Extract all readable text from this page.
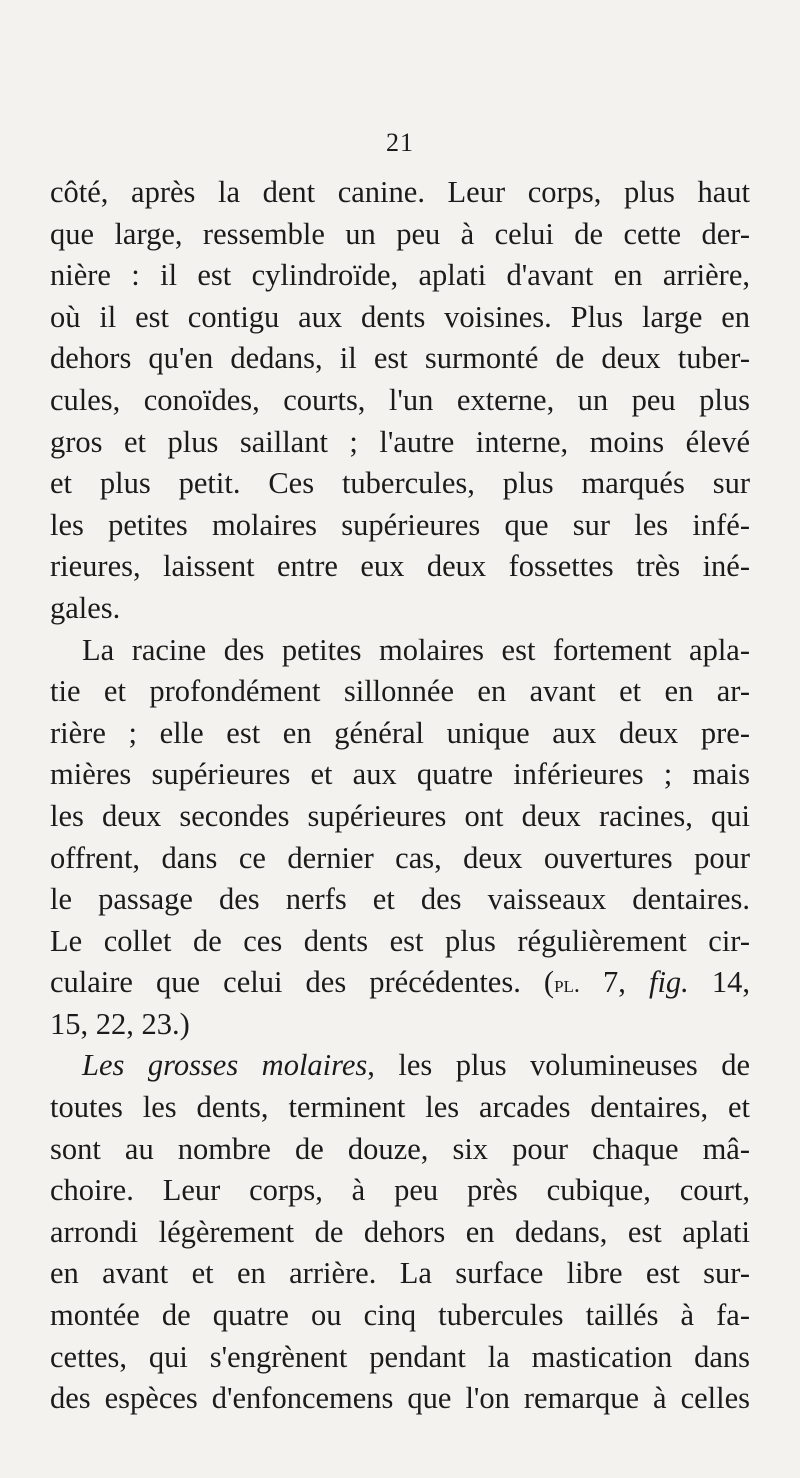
21
côté, après la dent canine. Leur corps, plus haut
que large, ressemble un peu à celui de cette der-
nière : il est cylindroïde, aplati d'avant en arrière,
où il est contigu aux dents voisines. Plus large en
dehors qu'en dedans, il est surmonté de deux tuber-
cules, conoïdes, courts, l'un externe, un peu plus
gros et plus saillant ; l'autre interne, moins élevé
et plus petit. Ces tubercules, plus marqués sur
les petites molaires supérieures que sur les infé-
rieures, laissent entre eux deux fossettes très iné-
gales.
La racine des petites molaires est fortement apla-
tie et profondément sillonnée en avant et en ar-
rière ; elle est en général unique aux deux pre-
mières supérieures et aux quatre inférieures ; mais
les deux secondes supérieures ont deux racines, qui
offrent, dans ce dernier cas, deux ouvertures pour
le passage des nerfs et des vaisseaux dentaires.
Le collet de ces dents est plus régulièrement cir-
culaire que celui des précédentes. (pl. 7, fig. 14,
15, 22, 23.)
Les grosses molaires, les plus volumineuses de
toutes les dents, terminent les arcades dentaires, et
sont au nombre de douze, six pour chaque mâ-
choire. Leur corps, à peu près cubique, court,
arrondi légèrement de dehors en dedans, est aplati
en avant et en arrière. La surface libre est sur-
montée de quatre ou cinq tubercules taillés à fa-
cettes, qui s'engrènent pendant la mastication dans
des espèces d'enfoncemens que l'on remarque à celles
